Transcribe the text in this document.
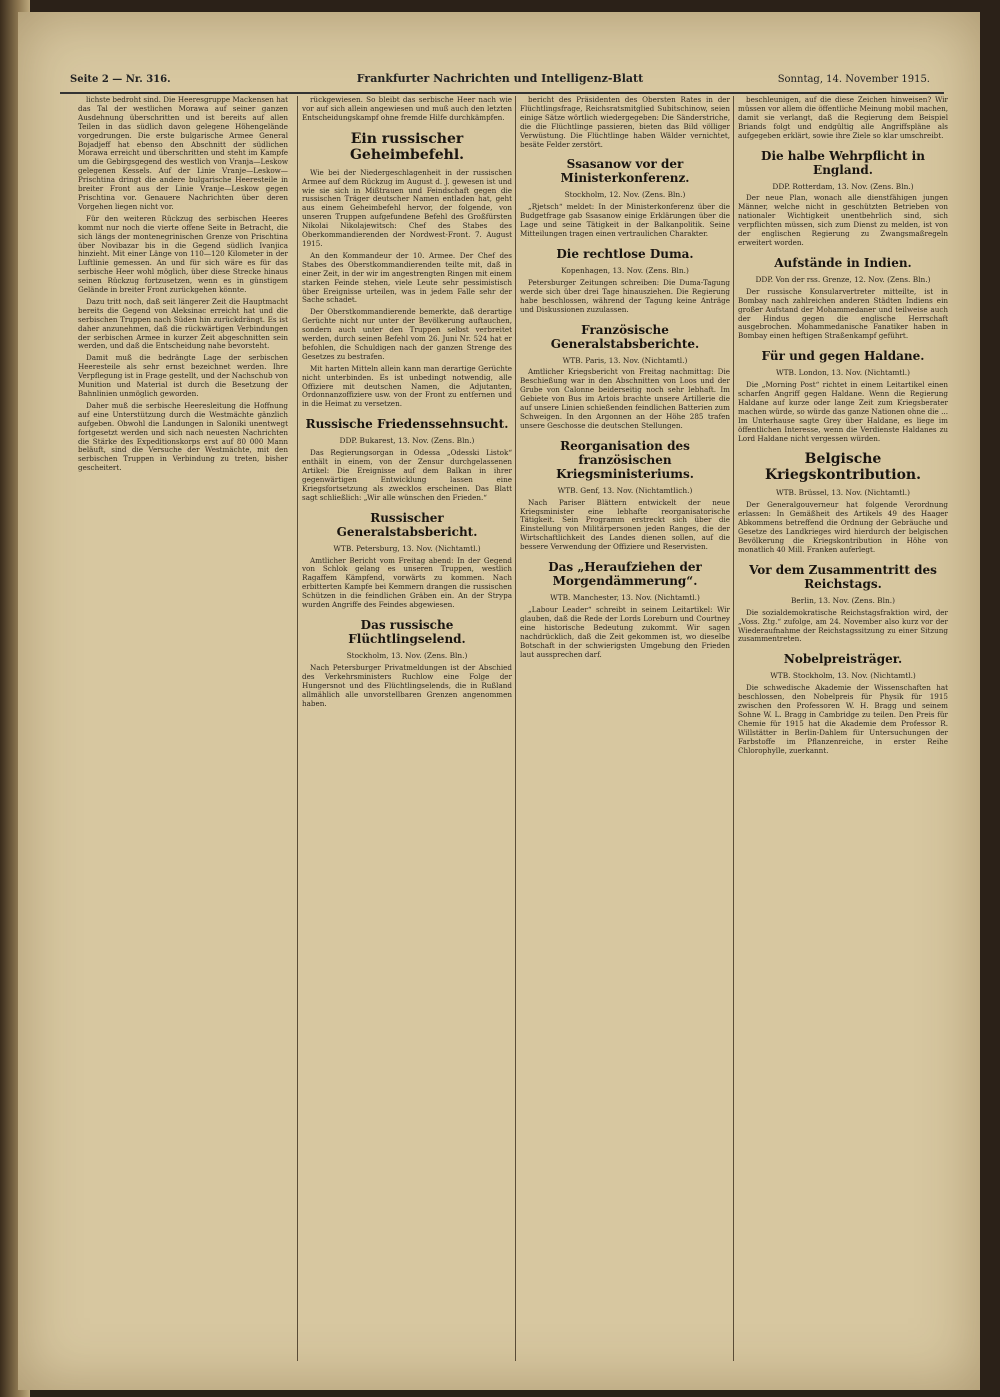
Seite 2 — Nr. 316.	Frankfurter Nachrichten und Intelligenz-Blatt	Sonntag, 14. November 1915.

lichste bedroht sind. Die Heeresgruppe Mackensen hat das Tal der westlichen Morawa auf seiner ganzen Ausdehnung überschritten und ist bereits auf allen Teilen in das südlich davon gelegene Höhengelände vorgedrungen. Die erste bulgarische Armee General Bojadjeff hat ebenso den Abschnitt der südlichen Morawa erreicht und überschritten und steht im Kampfe um die Gebirgsgegend des westlich von Vranja—Leskow gelegenen Kessels. Auf der Linie Vranje—Leskow—Prischtina dringt die andere bulgarische Heeresteile in breiter Front aus der Linie Vranje—Leskow gegen Prischtina vor. Genauere Nachrichten über deren Vorgehen liegen nicht vor.

Für den weiteren Rückzug des serbischen Heeres kommt nur noch die vierte offene Seite in Betracht, die sich längs der montenegrinischen Grenze von Prischtina über Novibazar bis in die Gegend südlich Ivanjica hinzieht. Mit einer Länge von 110—120 Kilometer in der Luftlinie gemessen. An und für sich wäre es für das serbische Heer wohl möglich, über diese Strecke hinaus seinen Rückzug fortzusetzen, wenn es in günstigem Gelände in breiter Front zurückgehen könnte.

Dazu tritt noch, daß seit längerer Zeit die Hauptmacht bereits die Gegend von Aleksinac erreicht hat und die serbischen Truppen nach Süden hin zurückdrängt. Es ist daher anzunehmen, daß die rückwärtigen Verbindungen der serbischen Armee in kurzer Zeit abgeschnitten sein werden, und daß die Entscheidung nahe bevorsteht.

Damit muß die bedrängte Lage der serbischen Heeresteile als sehr ernst bezeichnet werden. Ihre Verpflegung ist in Frage gestellt, und der Nachschub von Munition und Material ist durch die Besetzung der Bahnlinien unmöglich geworden.

Daher muß die serbische Heeresleitung die Hoffnung auf eine Unterstützung durch die Westmächte gänzlich aufgeben. Obwohl die Landungen in Saloniki unentwegt fortgesetzt werden und sich nach neuesten Nachrichten die Stärke des Expeditionskorps erst auf 80 000 Mann beläuft, sind die Versuche der Westmächte, mit den serbischen Truppen in Verbindung zu treten, bisher gescheitert.

rückgewiesen. So bleibt das serbische Heer nach wie vor auf sich allein angewiesen und muß auch den letzten Entscheidungskampf ohne fremde Hilfe durchkämpfen.

Ein russischer Geheimbefehl.

Wie bei der Niedergeschlagenheit in der russischen Armee auf dem Rückzug im August d. J. gewesen ist und wie sie sich in Mißtrauen und Feindschaft gegen die russischen Träger deutscher Namen entladen hat, geht aus einem Geheimbefehl hervor, der folgende, von unseren Truppen aufgefundene Befehl des Großfürsten Nikolai Nikolajewitsch: Chef des Stabes des Oberkommandierenden der Nordwest-Front. 7. August 1915.

An den Kommandeur der 10. Armee. Der Chef des Stabes des Oberstkommandierenden teilte mit, daß in einer Zeit, in der wir im angestrengten Ringen mit einem starken Feinde stehen, viele Leute sehr pessimistisch über Ereignisse urteilen, was in jedem Falle sehr der Sache schadet.

Der Oberstkommandierende bemerkte, daß derartige Gerüchte nicht nur unter der Bevölkerung auftauchen, sondern auch unter den Truppen selbst verbreitet werden, durch seinen Befehl vom 26. Juni Nr. 524 hat er befohlen, die Schuldigen nach der ganzen Strenge des Gesetzes zu bestrafen.

Mit harten Mitteln allein kann man derartige Gerüchte nicht unterbinden. Es ist unbedingt notwendig, alle Offiziere mit deutschen Namen, die Adjutanten, Ordonnanzoffiziere usw. von der Front zu entfernen und in die Heimat zu versetzen.

Russische Friedenssehnsucht.
DDP. Bukarest, 13. Nov. (Zens. Bln.)

Das Regierungsorgan in Odessa „Odesski Listok“ enthält in einem, von der Zensur durchgelassenen Artikel: Die Ereignisse auf dem Balkan in ihrer gegenwärtigen Entwicklung lassen eine Kriegsfortsetzung als zwecklos erscheinen. Das Blatt sagt schließlich: „Wir alle wünschen den Frieden.“

Russischer Generalstabsbericht.
WTB. Petersburg, 13. Nov. (Nichtamtl.)

Amtlicher Bericht vom Freitag abend: In der Gegend von Schlok gelang es unseren Truppen, westlich Ragaffem Kämpfend, vorwärts zu kommen. Nach erbitterten Kampfe bei Kemmern drangen die russischen Schützen in die feindlichen Gräben ein. An der Strypa wurden Angriffe des Feindes abgewiesen.

Das russische Flüchtlingselend.
Stockholm, 13. Nov. (Zens. Bln.)

Nach Petersburger Privatmeldungen ist der Abschied des Verkehrsministers Ruchlow eine Folge der Hungersnot und des Flüchtlingselends, die in Rußland allmählich alle unvorstellbaren Grenzen angenommen haben.

bericht des Präsidenten des Obersten Rates in der Flüchtlingsfrage, Reichsratsmitglied Subitschinow, seien einige Sätze wörtlich wiedergegeben: Die Sänderstriche, die die Flüchtlinge passieren, bieten das Bild völliger Verwüstung. Die Flüchtlinge haben Wälder vernichtet, besäte Felder zerstört.

Ssasanow vor der Ministerkonferenz.
Stockholm, 12. Nov. (Zens. Bln.)

„Rjetsch“ meldet: In der Ministerkonferenz über die Budgetfrage gab Ssasanow einige Erklärungen über die Lage und seine Tätigkeit in der Balkanpolitik. Seine Mitteilungen tragen einen vertraulichen Charakter.

Die rechtlose Duma.
Kopenhagen, 13. Nov. (Zens. Bln.)

Petersburger Zeitungen schreiben: Die Duma-Tagung werde sich über drei Tage hinausziehen. Die Regierung habe beschlossen, während der Tagung keine Anträge und Diskussionen zuzulassen.

Französische Generalstabsberichte.
WTB. Paris, 13. Nov. (Nichtamtl.)

Amtlicher Kriegsbericht von Freitag nachmittag: Die Beschießung war in den Abschnitten von Loos und der Grube von Calonne beiderseitig noch sehr lebhaft. Im Gebiete von Bus im Artois brachte unsere Artillerie die auf unsere Linien schießenden feindlichen Batterien zum Schweigen. In den Argonnen an der Höhe 285 trafen unsere Geschosse die deutschen Stellungen.

Reorganisation des französischen Kriegsministeriums.
WTB. Genf, 13. Nov. (Nichtamtlich.)

Nach Pariser Blättern entwickelt der neue Kriegsminister eine lebhafte reorganisatorische Tätigkeit. Sein Programm erstreckt sich über die Einstellung von Militärpersonen jeden Ranges, die der Wirtschaftlichkeit des Landes dienen sollen, auf die bessere Verwendung der Offiziere und Reservisten.

Das „Heraufziehen der Morgendämmerung“.
WTB. Manchester, 13. Nov. (Nichtamtl.)

„Labour Leader“ schreibt in seinem Leitartikel: Wir glauben, daß die Rede der Lords Loreburn und Courtney eine historische Bedeutung zukommt. Wir sagen nachdrücklich, daß die Zeit gekommen ist, wo dieselbe Botschaft in der schwierigsten Umgebung den Frieden laut aussprechen darf.

beschleunigen, auf die diese Zeichen hinweisen? Wir müssen vor allem die öffentliche Meinung mobil machen, damit sie verlangt, daß die Regierung dem Beispiel Briands folgt und endgültig alle Angriffspläne als aufgegeben erklärt, sowie ihre Ziele so klar umschreibt.

Die halbe Wehrpflicht in England.
DDP. Rotterdam, 13. Nov. (Zens. Bln.)

Der neue Plan, wonach alle dienstfähigen jungen Männer, welche nicht in geschützten Betrieben von nationaler Wichtigkeit unentbehrlich sind, sich verpflichten müssen, sich zum Dienst zu melden, ist von der englischen Regierung zu Zwangsmaßregeln erweitert worden.

Aufstände in Indien.
DDP. Von der rss. Grenze, 12. Nov. (Zens. Bln.)

Der russische Konsularvertreter mitteilte, ist in Bombay nach zahlreichen anderen Städten Indiens ein großer Aufstand der Mohammedaner und teilweise auch der Hindus gegen die englische Herrschaft ausgebrochen. Mohammedanische Fanatiker haben in Bombay einen heftigen Straßenkampf geführt.

Für und gegen Haldane.
WTB. London, 13. Nov. (Nichtamtl.)

Die „Morning Post“ richtet in einem Leitartikel einen scharfen Angriff gegen Haldane. Wenn die Regierung Haldane auf kurze oder lange Zeit zum Kriegsberater machen würde, so würde das ganze Nationen ohne die ... Im Unterhause sagte Grey über Haldane, es liege im öffentlichen Interesse, wenn die Verdienste Haldanes zu Lord Haldane nicht vergessen würden.

Belgische Kriegskontribution.
WTB. Brüssel, 13. Nov. (Nichtamtl.)

Der Generalgouverneur hat folgende Verordnung erlassen: In Gemäßheit des Artikels 49 des Haager Abkommens betreffend die Ordnung der Gebräuche und Gesetze des Landkrieges wird hierdurch der belgischen Bevölkerung die Kriegskontribution in Höhe von monatlich 40 Mill. Franken auferlegt.

Vor dem Zusammentritt des Reichstags.
Berlin, 13. Nov. (Zens. Bln.)

Die sozialdemokratische Reichstagsfraktion wird, der „Voss. Ztg.“ zufolge, am 24. November also kurz vor der Wiederaufnahme der Reichstagssitzung zu einer Sitzung zusammentreten.

Nobelpreisträger.
WTB. Stockholm, 13. Nov. (Nichtamtl.)

Die schwedische Akademie der Wissenschaften hat beschlossen, den Nobelpreis für Physik für 1915 zwischen den Professoren W. H. Bragg und seinem Sohne W. L. Bragg in Cambridge zu teilen. Den Preis für Chemie für 1915 hat die Akademie dem Professor R. Willstätter in Berlin-Dahlem für Untersuchungen der Farbstoffe im Pflanzenreiche, in erster Reihe Chlorophylle, zuerkannt.
